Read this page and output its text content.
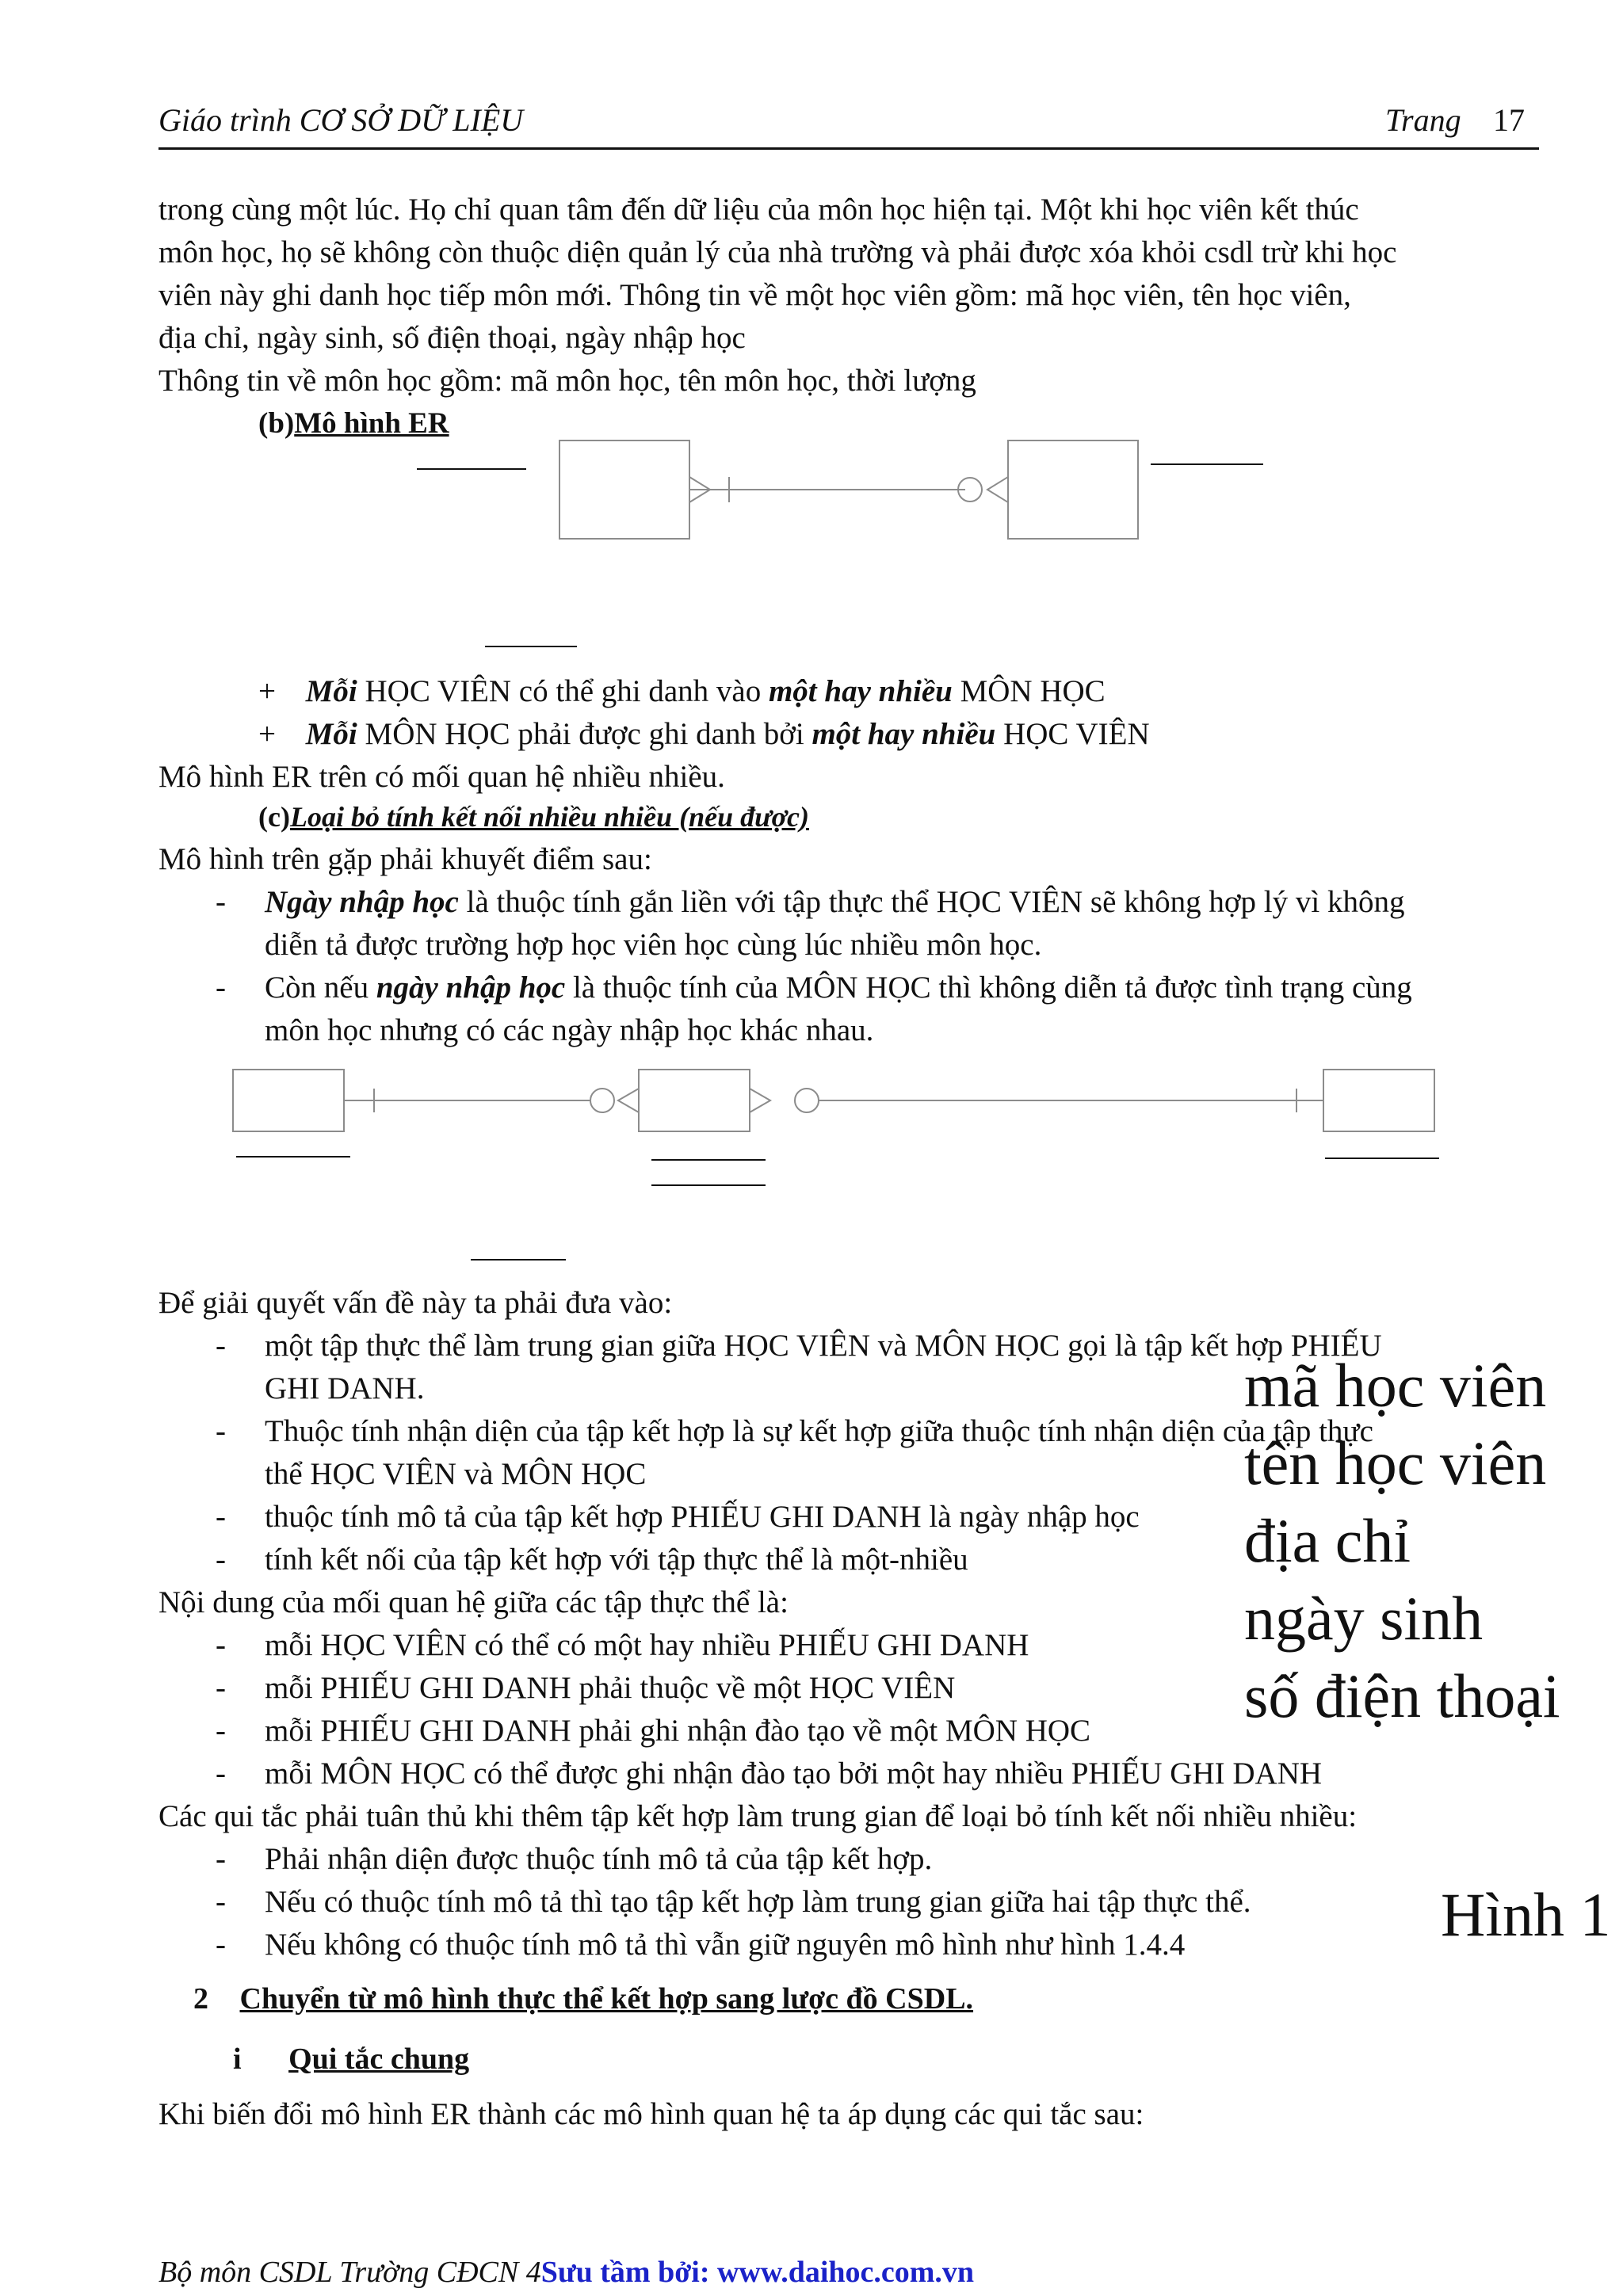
Giáo trình CƠ SỞ DỮ LIỆU	Trang 17
trong cùng một lúc. Họ chỉ quan tâm đến dữ liệu của môn học hiện tại. Một khi học viên kết thúc
môn học, họ sẽ không còn thuộc diện quản lý của nhà trường và phải được xóa khỏi csdl trừ khi học
viên này ghi danh học tiếp môn mới. Thông tin về một học viên gồm: mã học viên, tên học viên,
địa chỉ, ngày sinh, số điện thoại, ngày nhập học
Thông tin về môn học gồm: mã môn học, tên môn học, thời lượng
(b)Mô hình ER
+ Mỗi HỌC VIÊN có thể ghi danh vào một hay nhiều MÔN HỌC
+ Mỗi MÔN HỌC phải được ghi danh bởi một hay nhiều HỌC VIÊN
Mô hình ER trên có mối quan hệ nhiều nhiều.
(c)Loại bỏ tính kết nối nhiều nhiều (nếu được)
Mô hình trên gặp phải khuyết điểm sau:
- Ngày nhập học là thuộc tính gắn liền với tập thực thể HỌC VIÊN sẽ không hợp lý vì không
diễn tả được trường hợp học viên học cùng lúc nhiều môn học.
- Còn nếu ngày nhập học là thuộc tính của MÔN HỌC thì không diễn tả được tình trạng cùng
môn học nhưng có các ngày nhập học khác nhau.
Để giải quyết vấn đề này ta phải đưa vào:
- một tập thực thể làm trung gian giữa HỌC VIÊN và MÔN HỌC gọi là tập kết hợp PHIẾU
GHI DANH.
- Thuộc tính nhận diện của tập kết hợp là sự kết hợp giữa thuộc tính nhận diện của tập thực
thể HỌC VIÊN và MÔN HỌC
- thuộc tính mô tả của tập kết hợp PHIẾU GHI DANH là ngày nhập học
- tính kết nối của tập kết hợp với tập thực thể là một-nhiều
Nội dung của mối quan hệ giữa các tập thực thể là:
- mỗi HỌC VIÊN có thể có một hay nhiều PHIẾU GHI DANH
- mỗi PHIẾU GHI DANH phải thuộc về một HỌC VIÊN
- mỗi PHIẾU GHI DANH phải ghi nhận đào tạo về một MÔN HỌC
- mỗi MÔN HỌC có thể được ghi nhận đào tạo bởi một hay nhiều PHIẾU GHI DANH
Các qui tắc phải tuân thủ khi thêm tập kết hợp làm trung gian để loại bỏ tính kết nối nhiều nhiều:
- Phải nhận diện được thuộc tính mô tả của tập kết hợp.
- Nếu có thuộc tính mô tả thì tạo tập kết hợp làm trung gian giữa hai tập thực thể.
- Nếu không có thuộc tính mô tả thì vẫn giữ nguyên mô hình như hình 1.4.4
2 Chuyển từ mô hình thực thể kết hợp sang lược đồ CSDL.
i Qui tắc chung
Khi biến đổi mô hình ER thành các mô hình quan hệ ta áp dụng các qui tắc sau:
mã học viên
tên học viên
địa chỉ
ngày sinh
số điện thoại
Hình 1
Bộ môn CSDL Trường CĐCN 4Sưu tầm bởi: www.daihoc.com.vn
